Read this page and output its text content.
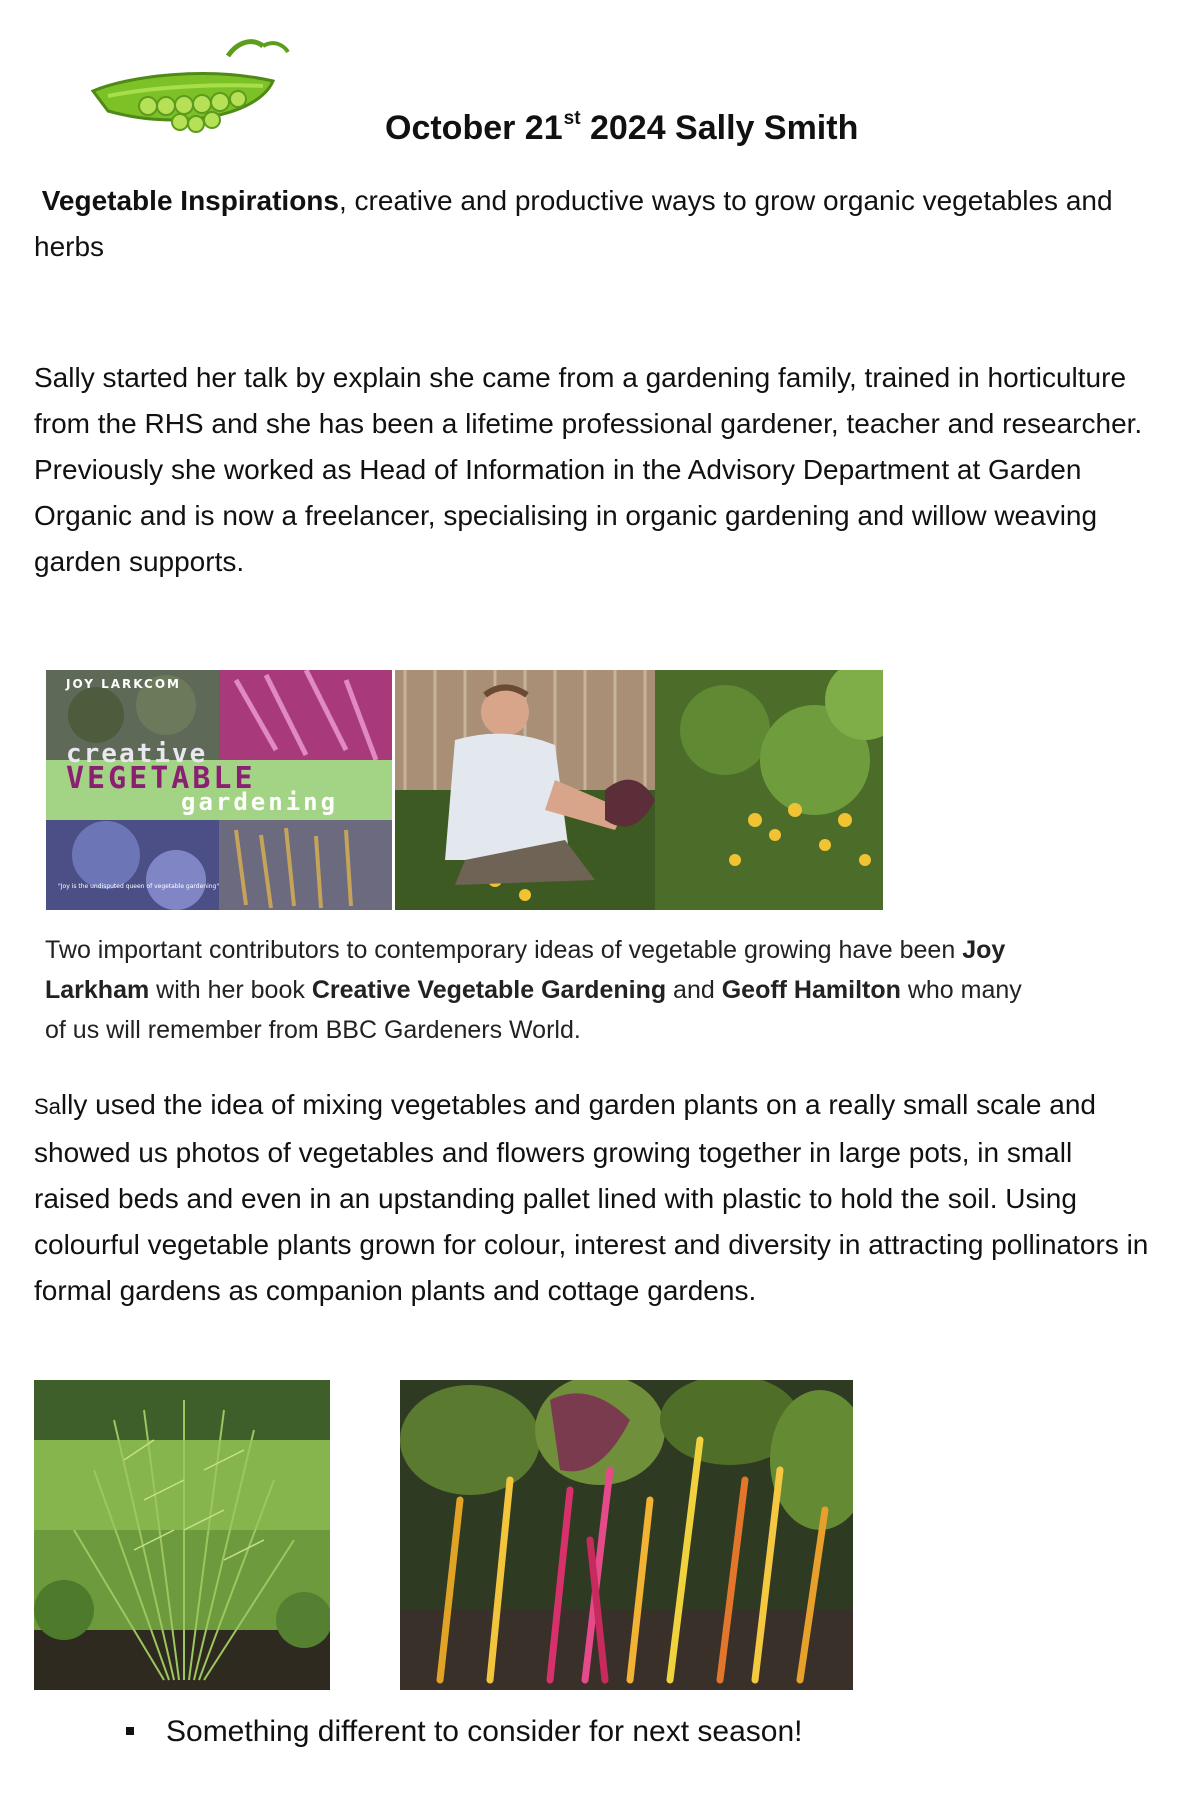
October 21st 2024 Sally Smith
Vegetable Inspirations, creative and productive ways to grow organic vegetables and herbs
Sally started her talk by explain she came from a gardening family, trained in horticulture from the RHS and she has been a lifetime professional gardener, teacher and researcher. Previously she worked as Head of Information in the Advisory Department at Garden Organic and is now a freelancer, specialising in organic gardening and willow weaving garden supports.
JOY LARKCOM
creative
VEGETABLE
gardening
"Joy is the undisputed queen of vegetable gardening"
Two important contributors to contemporary ideas of vegetable growing have been Joy Larkham with her book Creative Vegetable Gardening and Geoff Hamilton who many of us will remember from BBC Gardeners World.
Sally used the idea of mixing vegetables and garden plants on a really small scale and showed us photos of vegetables and flowers growing together in large pots, in small raised beds and even in an upstanding pallet lined with plastic to hold the soil. Using colourful vegetable plants grown for colour, interest and diversity in attracting pollinators in formal gardens as companion plants and cottage gardens.
Something different to consider for next season!
